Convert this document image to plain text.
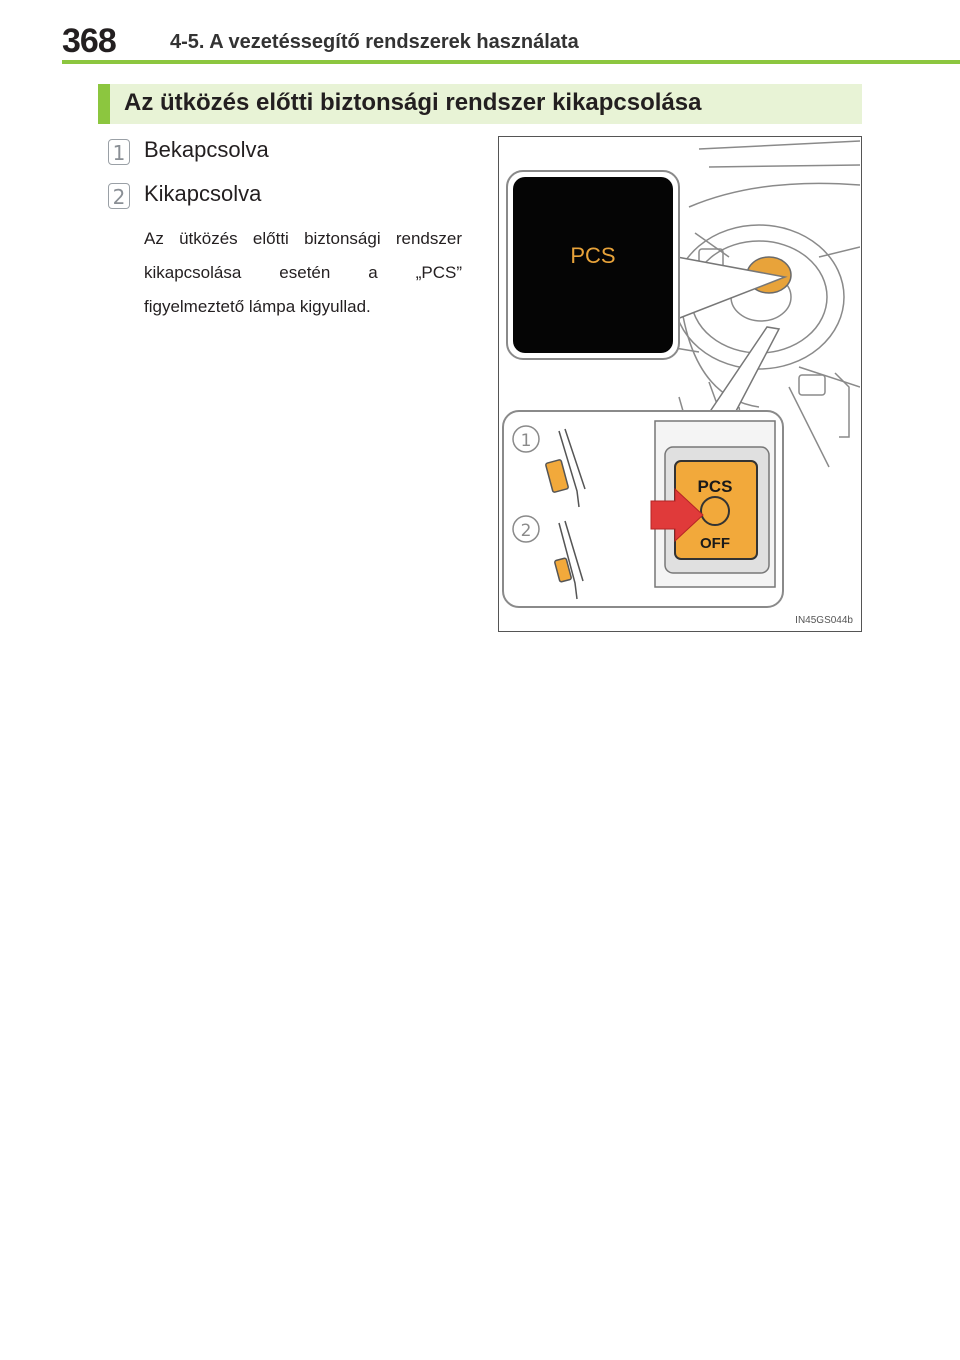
368	4-5. A vezetéssegítő rendszerek használata
Az ütközés előtti biztonsági rendszer kikapcsolása
1 Bekapcsolva
2 Kikapcsolva
Az ütközés előtti biztonsági rendszer kikapcsolása esetén a „PCS” figyelmeztető lámpa kigyullad.
PCS
1
2
PCS
OFF
IN45GS044b
